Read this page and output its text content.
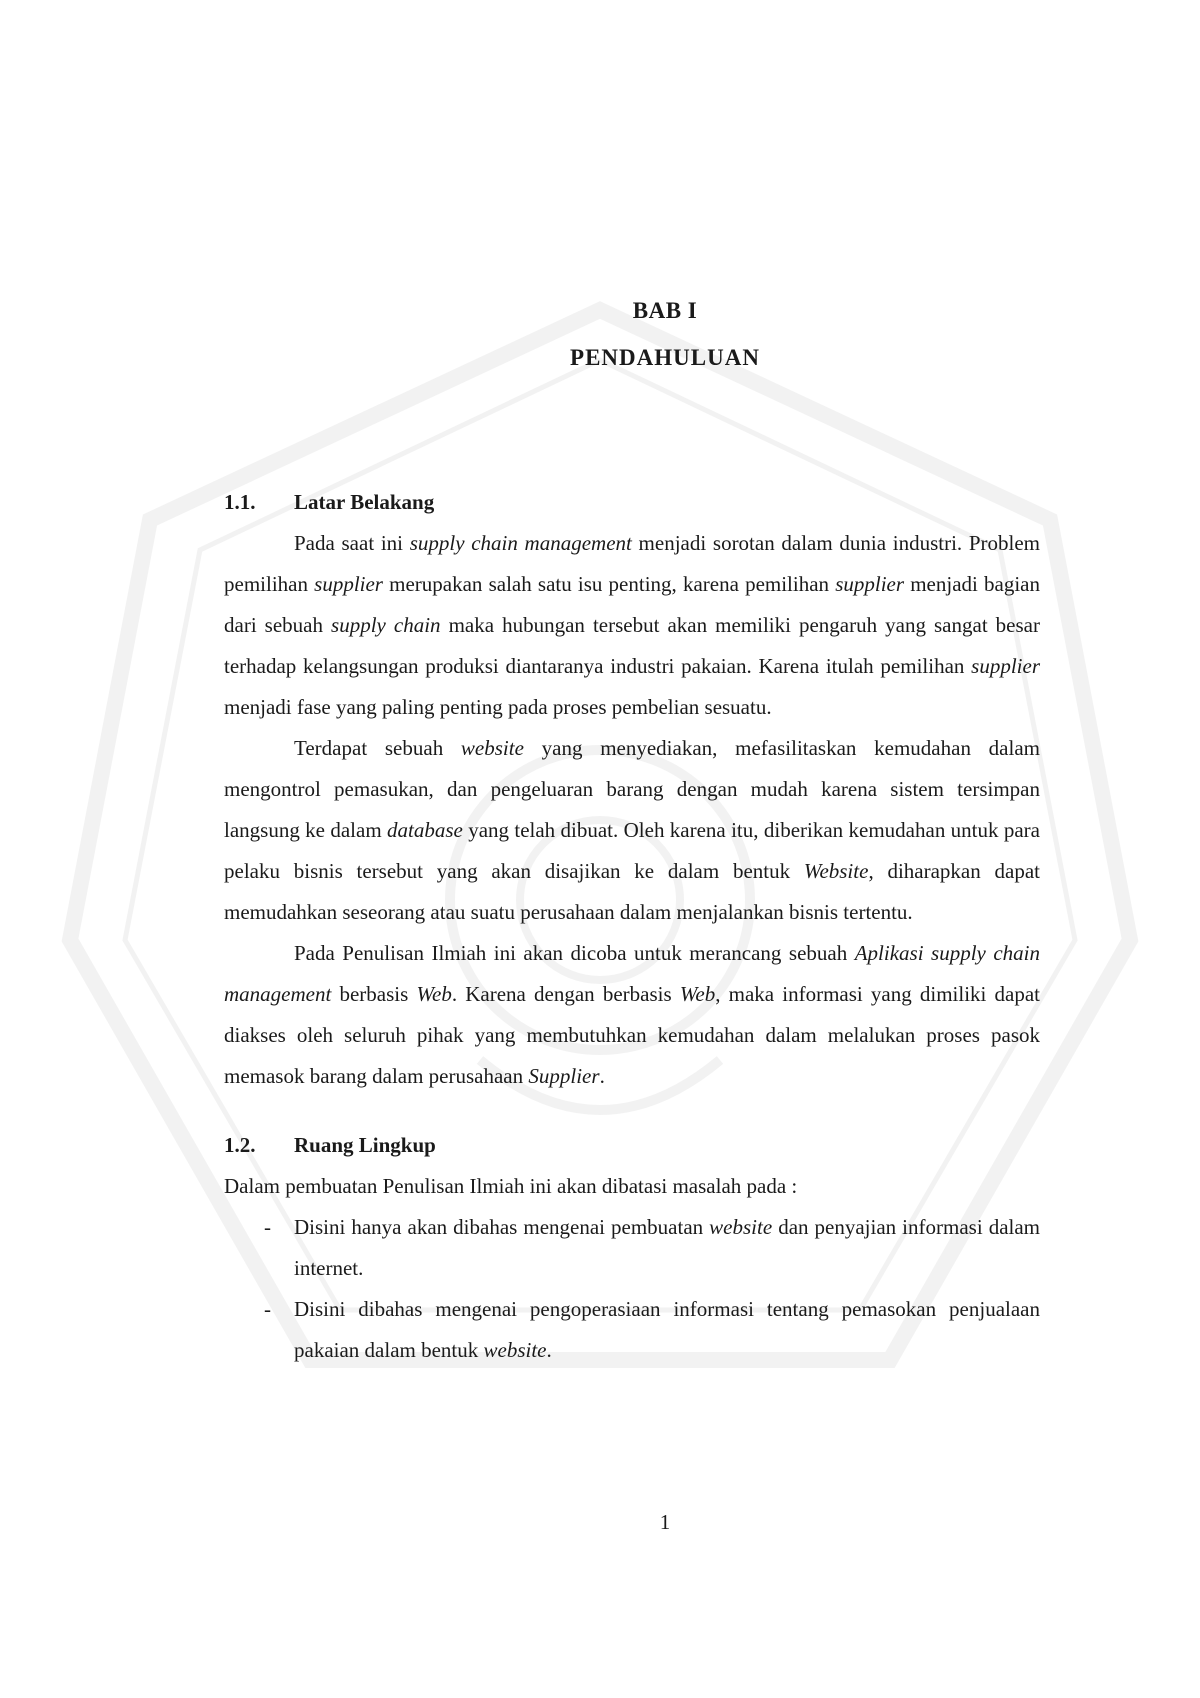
BAB I
PENDAHULUAN
1.1. Latar Belakang

Pada saat ini supply chain management menjadi sorotan dalam dunia industri. Problem pemilihan supplier merupakan salah satu isu penting, karena pemilihan supplier menjadi bagian dari sebuah supply chain maka hubungan tersebut akan memiliki pengaruh yang sangat besar terhadap kelangsungan produksi diantaranya industri pakaian. Karena itulah pemilihan supplier menjadi fase yang paling penting pada proses pembelian sesuatu.

Terdapat sebuah website yang menyediakan, mefasilitaskan kemudahan dalam mengontrol pemasukan, dan pengeluaran barang dengan mudah karena sistem tersimpan langsung ke dalam database yang telah dibuat. Oleh karena itu, diberikan kemudahan untuk para pelaku bisnis tersebut yang akan disajikan ke dalam bentuk Website, diharapkan dapat memudahkan seseorang atau suatu perusahaan dalam menjalankan bisnis tertentu.

Pada Penulisan Ilmiah ini akan dicoba untuk merancang sebuah Aplikasi supply chain management berbasis Web. Karena dengan berbasis Web, maka informasi yang dimiliki dapat diakses oleh seluruh pihak yang membutuhkan kemudahan dalam melalukan proses pasok memasok barang dalam perusahaan Supplier.

1.2. Ruang Lingkup

Dalam pembuatan Penulisan Ilmiah ini akan dibatasi masalah pada :

- Disini hanya akan dibahas mengenai pembuatan website dan penyajian informasi dalam internet.
- Disini dibahas mengenai pengoperasiaan informasi tentang pemasokan penjualaan pakaian dalam bentuk website.
1
